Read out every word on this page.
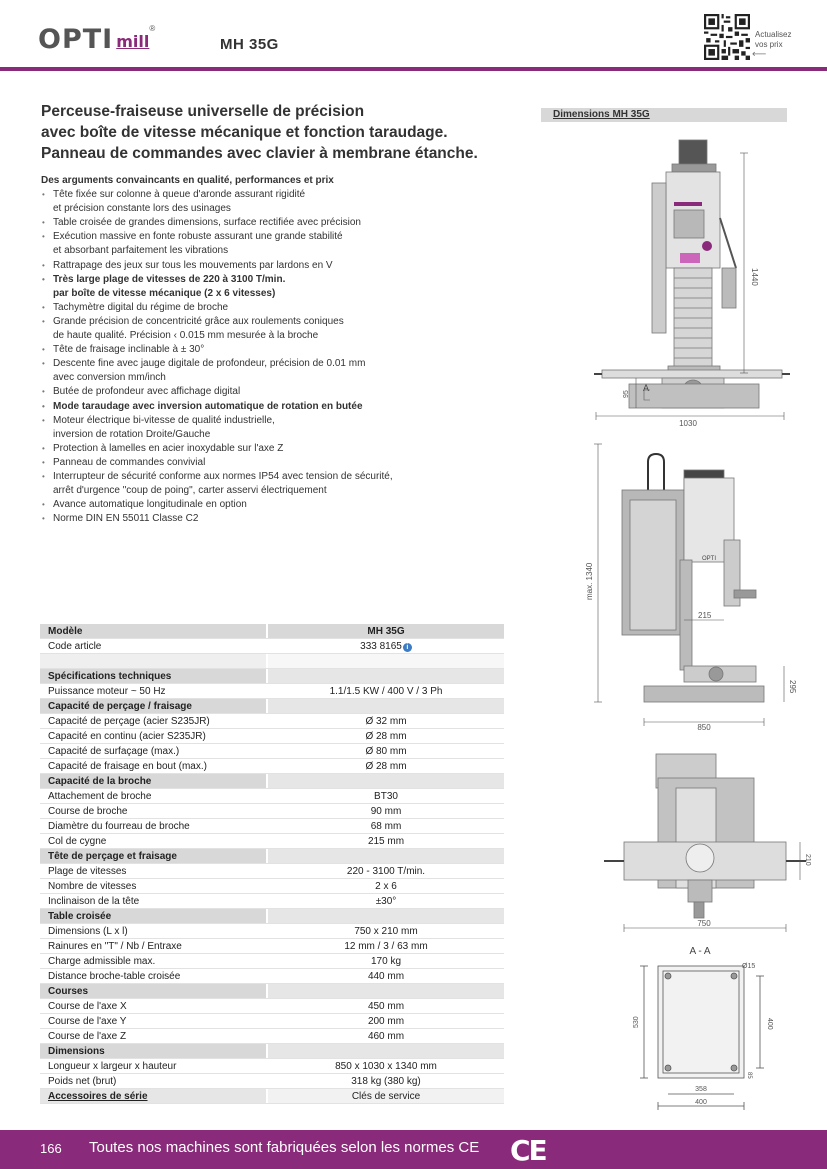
OPTI mill
®
MH 35G
Actualisez
vos prix
⟵
Perceuse-fraiseuse universelle de précision
avec boîte de vitesse mécanique et fonction taraudage.
Panneau de commandes avec clavier à membrane étanche.
Des arguments convaincants en qualité, performances et prix
• Tête fixée sur colonne à queue d'aronde assurant rigidité
et précision constante lors des usinages
• Table croisée de grandes dimensions, surface rectifiée avec précision
• Exécution massive en fonte robuste assurant une grande stabilité
et absorbant parfaitement les vibrations
• Rattrapage des jeux sur tous les mouvements par lardons en V
• Très large plage de vitesses de 220 à 3100 T/min.
par boîte de vitesse mécanique (2 x 6 vitesses)
• Tachymètre digital du régime de broche
• Grande précision de concentricité grâce aux roulements coniques
de haute qualité. Précision ‹ 0.015 mm mesurée à la broche
• Tête de fraisage inclinable à ± 30°
• Descente fine avec jauge digitale de profondeur, précision de 0.01 mm
avec conversion mm/inch
• Butée de profondeur avec affichage digital
• Mode taraudage avec inversion automatique de rotation en butée
• Moteur électrique bi-vitesse de qualité industrielle,
inversion de rotation Droite/Gauche
• Protection à lamelles en acier inoxydable sur l'axe Z
• Panneau de commandes convivial
• Interrupteur de sécurité conforme aux normes IP54 avec tension de sécurité,
arrêt d'urgence "coup de poing", carter asservi électriquement
• Avance automatique longitudinale en option
• Norme DIN EN 55011 Classe C2
Dimensions MH 35G
1030
1440
95
A
OPTI
max. 1340
215
295
850
750
210
A - A
Ø15
530	400
85
358
400
Modèle	MH 35G
Code article	333 8165 i
Spécifications techniques
Puissance moteur ~ 50 Hz	1.1/1.5 KW / 400 V / 3 Ph
Capacité de perçage / fraisage
Capacité de perçage (acier S235JR)	Ø 32 mm
Capacité en continu (acier S235JR)	Ø 28 mm
Capacité de surfaçage (max.)	Ø 80 mm
Capacité de fraisage en bout (max.)	Ø 28 mm
Capacité de la broche
Attachement de broche	BT30
Course de broche	90 mm
Diamètre du fourreau de broche	68 mm
Col de cygne	215 mm
Tête de perçage et fraisage
Plage de vitesses	220 - 3100 T/min.
Nombre de vitesses	2 x 6
Inclinaison de la tête	±30°
Table croisée
Dimensions (L x l)	750 x 210 mm
Rainures en "T" / Nb / Entraxe	12 mm / 3 / 63 mm
Charge admissible max.	170 kg
Distance broche-table croisée	440 mm
Courses
Course de l'axe X	450 mm
Course de l'axe Y	200 mm
Course de l'axe Z	460 mm
Dimensions
Longueur x largeur x hauteur	850 x 1030 x 1340 mm
Poids net (brut)	318 kg (380 kg)
Accessoires de série	Clés de service
166 Toutes nos machines sont fabriquées selon les normes CE CE
